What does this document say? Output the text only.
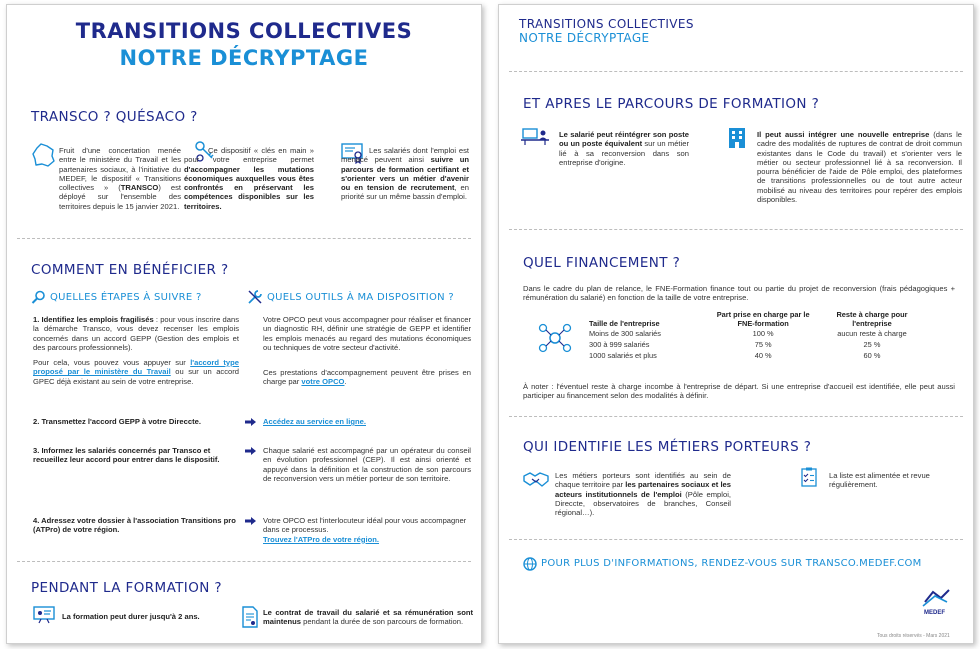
TRANSITIONS COLLECTIVES
NOTRE DÉCRYPTAGE
TRANSCO ? QUÉSACO ?
Fruit d'une concertation menée entre le ministère du Travail et les partenaires sociaux, à l'initiative du MEDEF, le dispositif « Transitions collectives » (TRANSCO) est déployé sur l'ensemble des territoires depuis le 15 janvier 2021.
Ce dispositif « clés en main » pour votre entreprise permet d'accompagner les mutations économiques auxquelles vous êtes confrontés en préservant les compétences disponibles sur les territoires.
Les salariés dont l'emploi est menacé peuvent ainsi suivre un parcours de formation certifiant et s'orienter vers un métier d'avenir ou en tension de recrutement, en priorité sur un même bassin d'emploi.
COMMENT EN BÉNÉFICIER ?
QUELLES ÉTAPES À SUIVRE ?	QUELS OUTILS À MA DISPOSITION ?
1. Identifiez les emplois fragilisés : pour vous inscrire dans la démarche Transco, vous devez recenser les emplois concernés dans un accord GEPP (Gestion des emplois et des parcours professionnels).
Pour cela, vous pouvez vous appuyer sur l'accord type proposé par le ministère du Travail ou sur un accord GPEC déjà existant au sein de votre entreprise.
Votre OPCO peut vous accompagner pour réaliser et financer un diagnostic RH, définir une stratégie de GEPP et identifier les emplois menacés au regard des mutations économiques ou techniques de votre secteur d'activité.
Ces prestations d'accompagnement peuvent être prises en charge par votre OPCO.
2. Transmettez l'accord GEPP à votre Direccte.	Accédez au service en ligne.
3. Informez les salariés concernés par Transco et recueillez leur accord pour entrer dans le dispositif.
Chaque salarié est accompagné par un opérateur du conseil en évolution professionnel (CEP). Il est ainsi orienté et appuyé dans la définition et la construction de son parcours de reconversion vers un métier porteur de son territoire.
4. Adressez votre dossier à l'association Transitions pro (ATPro) de votre région.
Votre OPCO est l'interlocuteur idéal pour vous accompagner dans ce processus.
Trouvez l'ATPro de votre région.
PENDANT LA FORMATION ?
La formation peut durer jusqu'à 2 ans.	Le contrat de travail du salarié et sa rémunération sont maintenus pendant la durée de son parcours de formation.
TRANSITIONS COLLECTIVES
NOTRE DÉCRYPTAGE
ET APRES LE PARCOURS DE FORMATION ?
Le salarié peut réintégrer son poste ou un poste équivalent sur un métier lié à sa reconversion dans son entreprise d'origine.
Il peut aussi intégrer une nouvelle entreprise (dans le cadre des modalités de ruptures de contrat de droit commun existantes dans le Code du travail) et s'orienter vers le métier ou secteur professionnel lié à sa reconversion. Il pourra bénéficier de l'aide de Pôle emploi, des plateformes de transitions professionnelles ou de tout autre acteur mobilisé au niveau des territoires pour repérer des emplois disponibles.
QUEL FINANCEMENT ?
Dans le cadre du plan de relance, le FNE-Formation finance tout ou partie du projet de reconversion (frais pédagogiques + rémunération du salarié) en fonction de la taille de votre entreprise.
Taille de l'entreprise	Part prise en charge par le FNE-formation	Reste à charge pour l'entreprise
Moins de 300 salariés	100 %	aucun reste à charge
300 à 999 salariés	75 %	25 %
1000 salariés et plus	40 %	60 %
À noter : l'éventuel reste à charge incombe à l'entreprise de départ. Si une entreprise d'accueil est identifiée, elle peut aussi participer au financement selon des modalités à définir.
QUI IDENTIFIE LES MÉTIERS PORTEURS ?
Les métiers porteurs sont identifiés au sein de chaque territoire par les partenaires sociaux et les acteurs institutionnels de l'emploi (Pôle emploi, Direccte, observatoires de branches, Conseil régional…).
La liste est alimentée et revue régulièrement.
POUR PLUS D'INFORMATIONS, RENDEZ-VOUS SUR TRANSCO.MEDEF.COM
MEDEF
Tous droits réservés - Mars 2021
